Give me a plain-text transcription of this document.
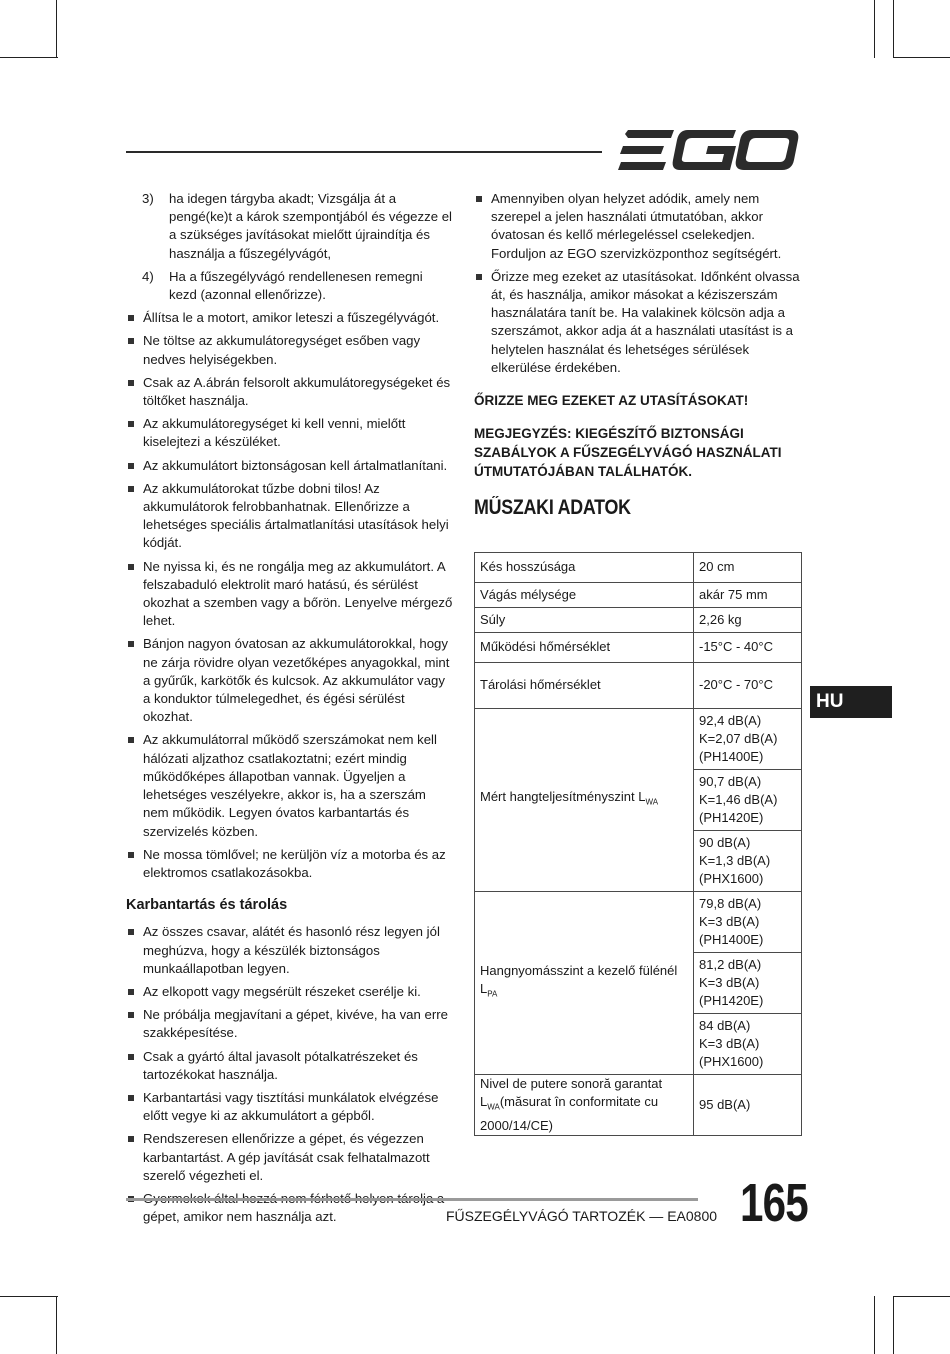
3) ha idegen tárgyba akadt; Vizsgálja át a pengé(ke)t a károk szempontjából és végezze el a szükséges javításokat mielőtt újraindítja és használja a fűszegélyvágót,
4) Ha a fűszegélyvágó rendellenesen remegni kezd (azonnal ellenőrizze).
Állítsa le a motort, amikor leteszi a fűszegélyvágót.
Ne töltse az akkumulátoregységet esőben vagy nedves helyiségekben.
Csak az A.ábrán felsorolt akkumulátoregységeket és töltőket használja.
Az akkumulátoregységet ki kell venni, mielőtt kiselejtezi a készüléket.
Az akkumulátort biztonságosan kell ártalmatlanítani.
Az akkumulátorokat tűzbe dobni tilos! Az akkumulátorok felrobbanhatnak. Ellenőrizze a lehetséges speciális ártalmatlanítási utasítások helyi kódját.
Ne nyissa ki, és ne rongálja meg az akkumulátort. A felszabaduló elektrolit maró hatású, és sérülést okozhat a szemben vagy a bőrön. Lenyelve mérgező lehet.
Bánjon nagyon óvatosan az akkumulátorokkal, hogy ne zárja rövidre olyan vezetőképes anyagokkal, mint a gyűrűk, karkötők és kulcsok. Az akkumulátor vagy a konduktor túlmelegedhet, és égési sérülést okozhat.
Az akkumulátorral működő szerszámokat nem kell hálózati aljzathoz csatlakoztatni; ezért mindig működőképes állapotban vannak. Ügyeljen a lehetséges veszélyekre, akkor is, ha a szerszám nem működik. Legyen óvatos karbantartás és szervizelés közben.
Ne mossa tömlővel; ne kerüljön víz a motorba és az elektromos csatlakozásokba.
Karbantartás és tárolás
Az összes csavar, alátét és hasonló rész legyen jól meghúzva, hogy a készülék biztonságos munkaállapotban legyen.
Az elkopott vagy megsérült részeket cserélje ki.
Ne próbálja megjavítani a gépet, kivéve, ha van erre szakképesítése.
Csak a gyártó által javasolt pótalkatrészeket és tartozékokat használja.
Karbantartási vagy tisztítási munkálatok elvégzése előtt vegye ki az akkumulátort a gépből.
Rendszeresen ellenőrizze a gépet, és végezzen karbantartást. A gép javítását csak felhatalmazott szerelő végezheti el.
gépet, amikor nem használja azt.
Amennyiben olyan helyzet adódik, amely nem szerepel a jelen használati útmutatóban, akkor óvatosan és kellő mérlegeléssel cselekedjen. Forduljon az EGO szervizközponthoz segítségért.
Őrizze meg ezeket az utasításokat. Időnként olvassa át, és használja, amikor másokat a kéziszerszám használatára tanít be. Ha valakinek kölcsön adja a szerszámot, akkor adja át a használati utasítást is a helytelen használat és lehetséges sérülések elkerülése érdekében.
ŐRIZZE MEG EZEKET AZ UTASÍTÁSOKAT!
MEGJEGYZÉS: KIEGÉSZÍTŐ BIZTONSÁGI SZABÁLYOK A FŰSZEGÉLYVÁGÓ HASZNÁLATI ÚTMUTATÓJÁBAN TALÁLHATÓK.
MŰSZAKI ADATOK
Kés hosszúsága	20 cm
Vágás mélysége	akár 75 mm
Súly	2,26 kg
Működési hőmérséklet	-15°C - 40°C
Tárolási hőmérséklet	-20°C - 70°C
Mért hangteljesítményszint $L_{WA}$	92,4 dB(A)
K=2,07 dB(A)
(PH1400E)
	90,7 dB(A)
K=1,46 dB(A)
(PH1420E)
	90 dB(A)
K=1,3 dB(A)
(PHX1600)
Hangnyomásszint a kezelő fülénél $L_{PA}$	79,8 dB(A)
K=3 dB(A)
(PH1400E)
	81,2 dB(A)
K=3 dB(A)
(PH1420E)
	84 dB(A)
K=3 dB(A)
(PHX1600)
Nivel de putere sonoră garantat
$L_{WA}(măsurat$ în conformitate cu 2000/14/CE)	95 dB(A)
HU
FŰSZEGÉLYVÁGÓ TARTOZÉK — EA0800 165
